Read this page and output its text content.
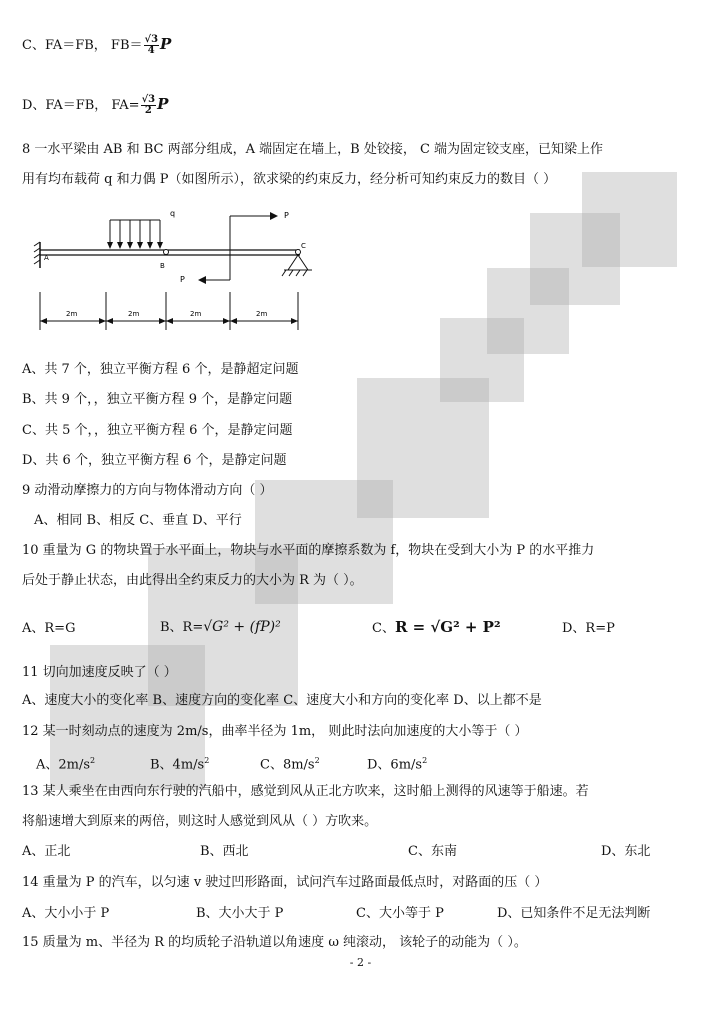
C、FA＝FB， $FB= \frac{√3}{4}$ P
D、FA＝FB， $FA= \frac{√3}{2}$ P
8 一水平梁由 AB 和 BC 两部分组成，A 端固定在墙上，B 处铰接， C 端为固定铰支座，已知梁上作
用有均布载荷 q 和力偶 P（如图所示），欲求梁的约束反力，经分析可知约束反力的数目（ ）
q
B
A
P
P
C
2m	2m	2m	2m
A、共 7 个，独立平衡方程 6 个，是静超定问题
B、共 9 个，，独立平衡方程 9 个，是静定问题
C、共 5 个，，独立平衡方程 6 个，是静定问题
D、共 6 个，独立平衡方程 6 个，是静定问题
9 动滑动摩擦力的方向与物体滑动方向（ ）
A、相同 B、相反 C、垂直 D、平行
10 重量为 G 的物块置于水平面上，物块与水平面的摩擦系数为 f，物块在受到大小为 P 的水平推力
后处于静止状态，由此得出全约束反力的大小为 R 为（ ）。
A、R=G	B、R=√G² + (fP)²	C、R = √G² + P²	D、R=P
11 切向加速度反映了（ ）
A、速度大小的变化率 B、速度方向的变化率 C、速度大小和方向的变化率 D、以上都不是
12 某一时刻动点的速度为 2m/s，曲率半径为 1m， 则此时法向加速度的大小等于（ ）
A、$2m/s^2$	B、$4m/s^2$	C、$8m/s^2$	D、$6m/s^2$
13 某人乘坐在由西向东行驶的汽船中，感觉到风从正北方吹来，这时船上测得的风速等于船速。若
将船速增大到原来的两倍，则这时人感觉到风从（ ）方吹来。
A、正北	B、西北	C、东南	D、东北
14 重量为 P 的汽车，以匀速 v 驶过凹形路面，试问汽车过路面最低点时，对路面的压（ ）
A、大小小于 P	B、大小大于 P	C、大小等于 P	D、已知条件不足无法判断
15 质量为 m、半径为 R 的均质轮子沿轨道以角速度 ω 纯滚动， 该轮子的动能为（ ）。
- 2 -
